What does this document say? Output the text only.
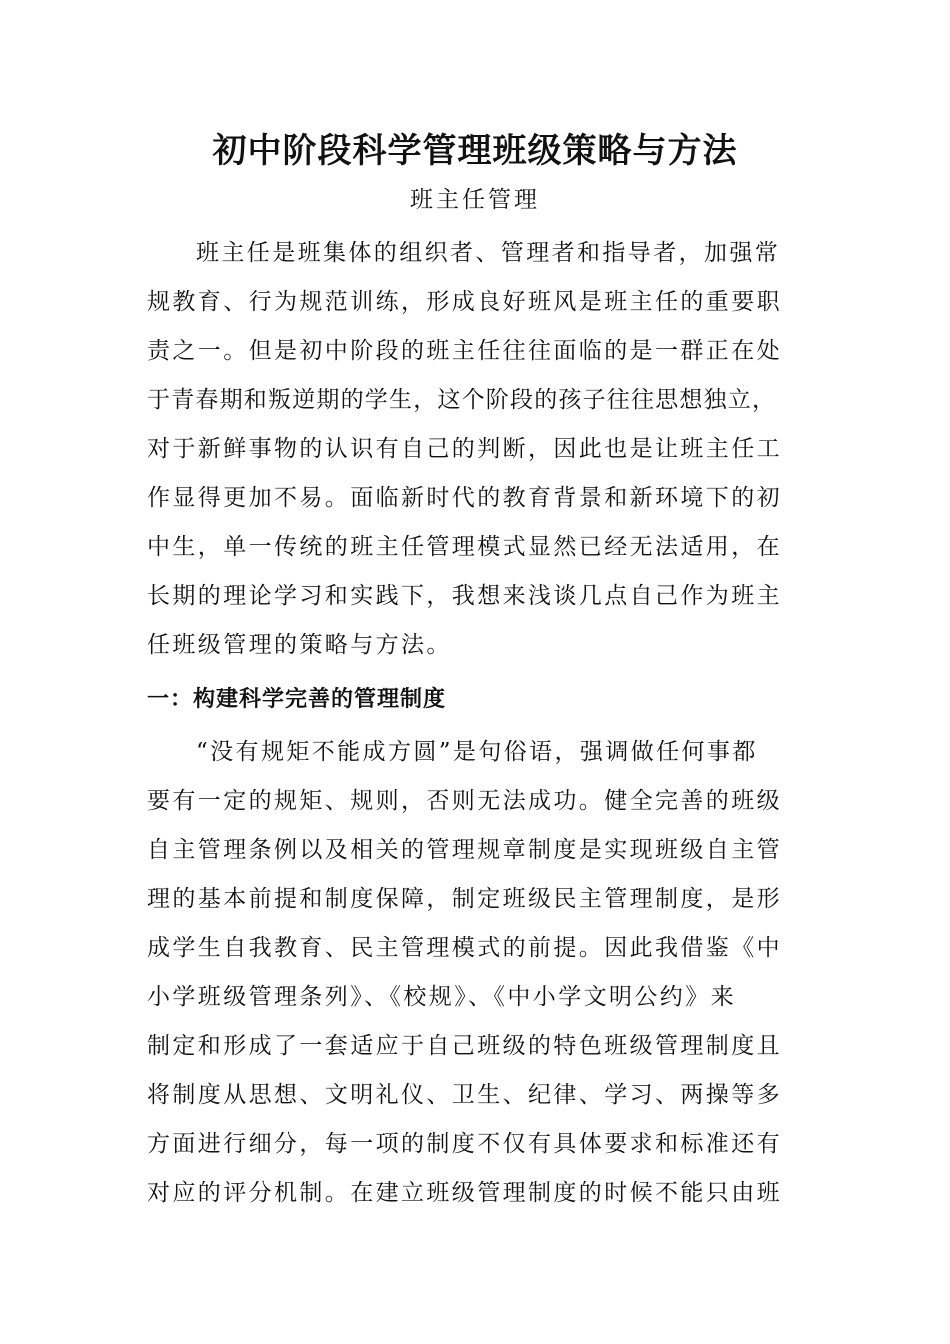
初中阶段科学管理班级策略与方法
班主任管理

班主任是班集体的组织者、管理者和指导者，加强常
规教育、行为规范训练，形成良好班风是班主任的重要职
责之一。但是初中阶段的班主任往往面临的是一群正在处
于青春期和叛逆期的学生，这个阶段的孩子往往思想独立，
对于新鲜事物的认识有自己的判断，因此也是让班主任工
作显得更加不易。面临新时代的教育背景和新环境下的初
中生，单一传统的班主任管理模式显然已经无法适用，在
长期的理论学习和实践下，我想来浅谈几点自己作为班主
任班级管理的策略与方法。

一：构建科学完善的管理制度

“没有规矩不能成方圆”是句俗语，强调做任何事都
要有一定的规矩、规则，否则无法成功。健全完善的班级
自主管理条例以及相关的管理规章制度是实现班级自主管
理的基本前提和制度保障，制定班级民主管理制度，是形
成学生自我教育、民主管理模式的前提。因此我借鉴《中
小学班级管理条列》、《校规》、《中小学文明公约》来
制定和形成了一套适应于自己班级的特色班级管理制度且
将制度从思想、文明礼仪、卫生、纪律、学习、两操等多
方面进行细分，每一项的制度不仅有具体要求和标准还有
对应的评分机制。在建立班级管理制度的时候不能只由班
